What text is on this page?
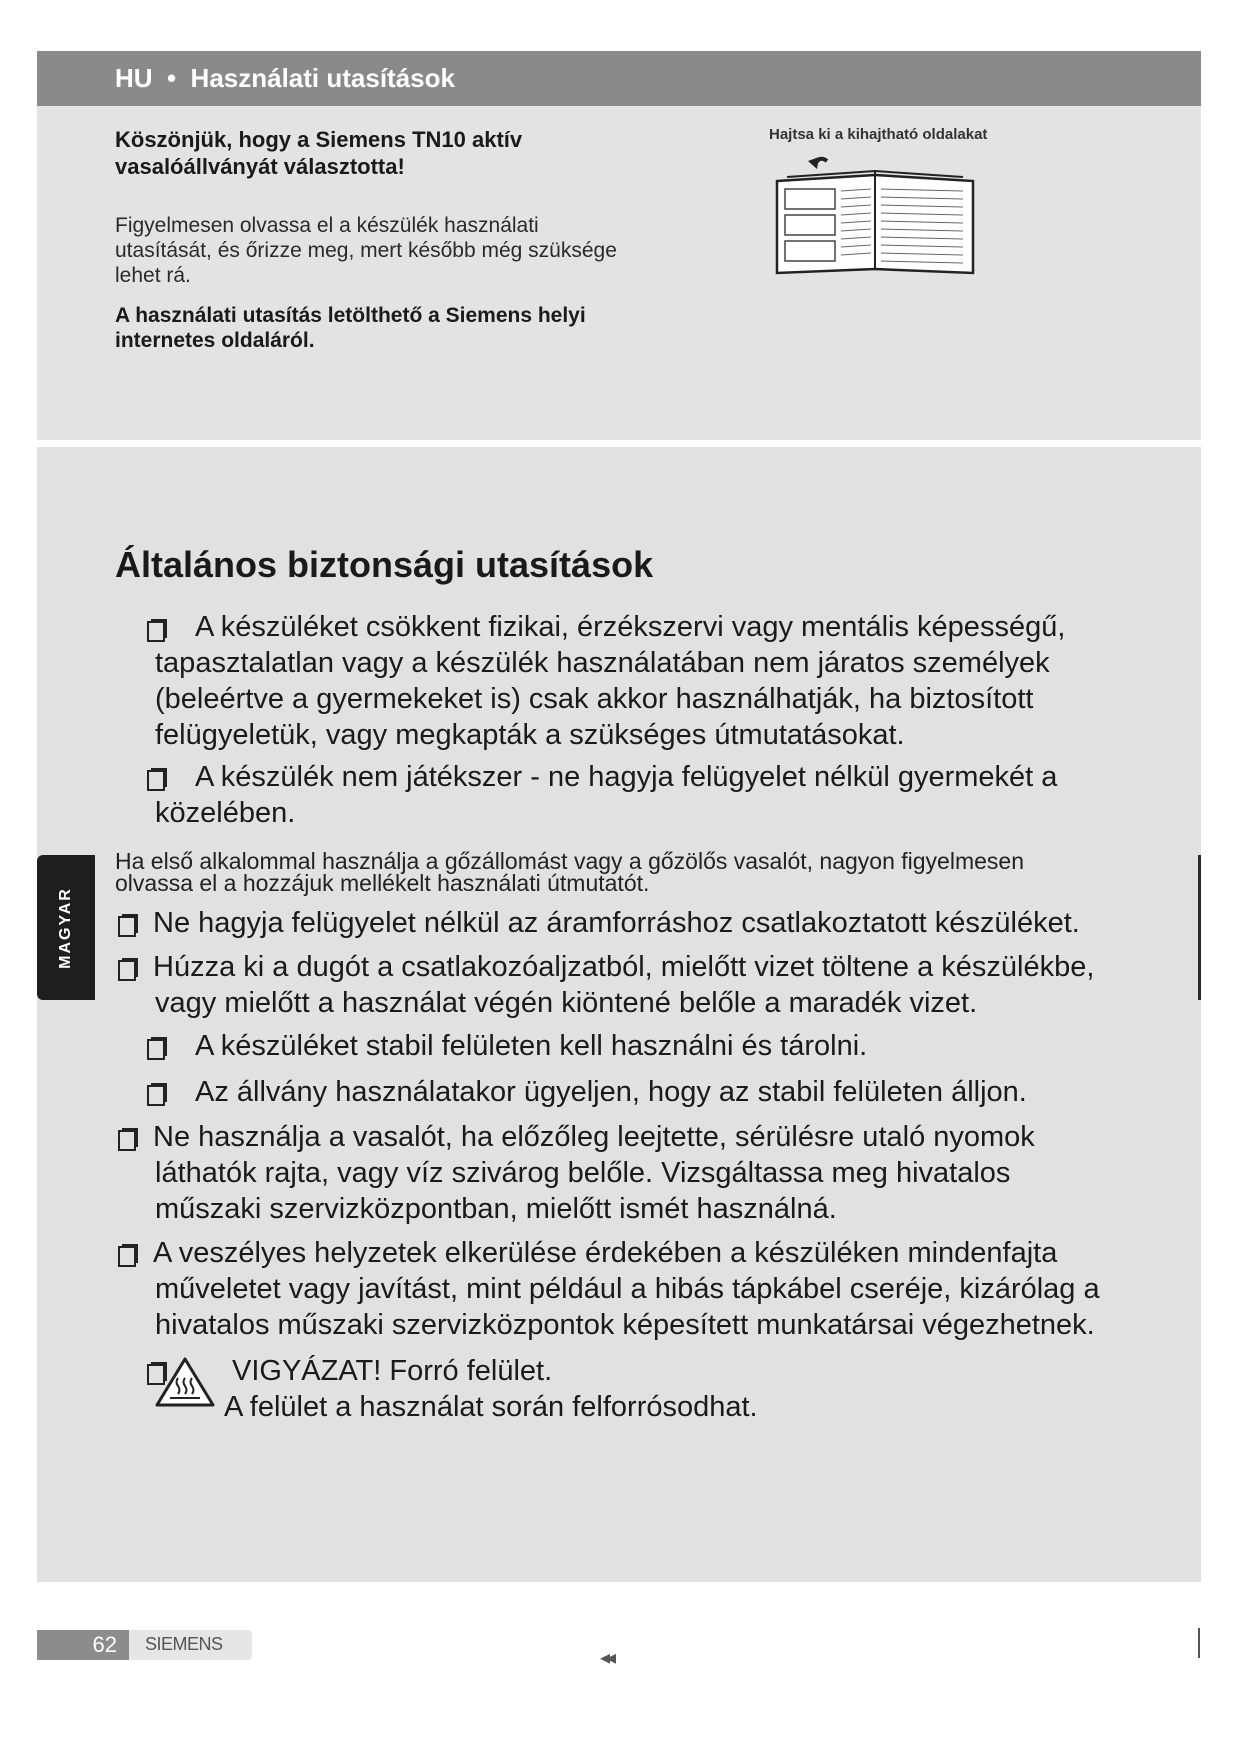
HU  •  Használati utasítások
Köszönjük, hogy a Siemens TN10 aktív vasalóállványát választotta!
Figyelmesen olvassa el a készülék használati utasítását, és őrizze meg, mert később még szüksége lehet rá.
A használati utasítás letölthető a Siemens helyi internetes oldaláról.
Hajtsa ki a kihajtható oldalakat
Általános biztonsági utasítások
A készüléket csökkent fizikai, érzékszervi vagy mentális képességű,
tapasztalatlan vagy a készülék használatában nem járatos személyek
(beleértve a gyermekeket is) csak akkor használhatják, ha biztosított
felügyeletük, vagy megkapták a szükséges útmutatásokat.
A készülék nem játékszer - ne hagyja felügyelet nélkül gyermekét a
közelében.
Ha első alkalommal használja a gőzállomást vagy a gőzölős vasalót, nagyon figyelmesen
olvassa el a hozzájuk mellékelt használati útmutatót.
Ne hagyja felügyelet nélkül az áramforráshoz csatlakoztatott készüléket.
Húzza ki a dugót a csatlakozóaljzatból, mielőtt vizet töltene a készülékbe,
vagy mielőtt a használat végén kiöntené belőle a maradék vizet.
A készüléket stabil felületen kell használni és tárolni.
Az állvány használatakor ügyeljen, hogy az stabil felületen álljon.
Ne használja a vasalót, ha előzőleg leejtette, sérülésre utaló nyomok
láthatók rajta, vagy víz szivárog belőle. Vizsgáltassa meg hivatalos
műszaki szervizközpontban, mielőtt ismét használná.
A veszélyes helyzetek elkerülése érdekében a készüléken mindenfajta
műveletet vagy javítást, mint például a hibás tápkábel cseréje, kizárólag a
hivatalos műszaki szervizközpontok képesített munkatársai végezhetnek.
VIGYÁZAT! Forró felület.
A felület a használat során felforrósodhat.
MAGYAR
62	SIEMENS
◂◂
